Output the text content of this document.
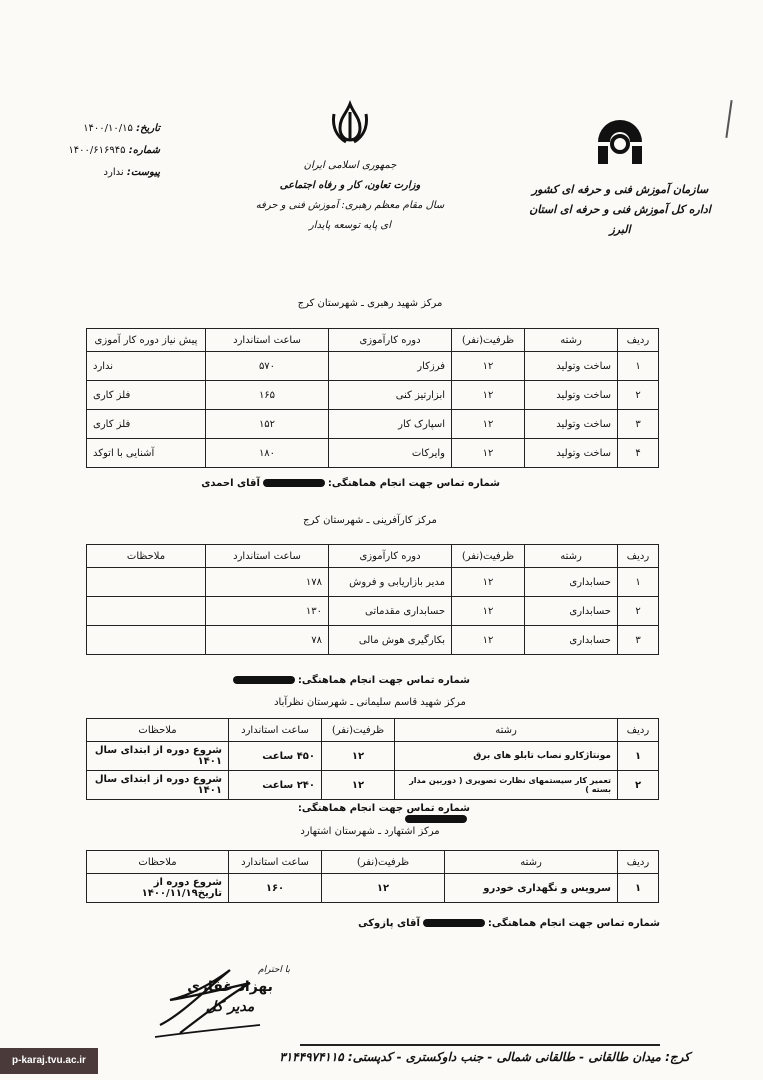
تاریخ: ۱۴۰۰/۱۰/۱۵
شماره: ۱۴۰۰/۶۱۶۹۴۵
پیوست: ندارد
جمهوری اسلامی ایران
وزارت تعاون، کار و رفاه اجتماعی
سال مقام معظم رهبری: آموزش فنی و حرفه ای پایه توسعه پایدار
سازمان آموزش فنی و حرفه ای کشور
اداره کل آموزش فنی و حرفه ای استان البرز
مرکز شهید رهبری ـ شهرستان کرج
ردیف	رشته	ظرفیت(نفر)	دوره کارآموزی	ساعت استاندارد	پیش نیاز دوره کار آموزی
۱	ساخت وتولید	۱۲	فرزکار	۵۷۰	ندارد
۲	ساخت وتولید	۱۲	ابزارتیز کنی	۱۶۵	فلز کاری
۳	ساخت وتولید	۱۲	اسپارک کار	۱۵۲	فلز کاری
۴	ساخت وتولید	۱۲	وایرکات	۱۸۰	آشنایی با اتوکد
شماره تماس جهت انجام هماهنگی:آقای احمدی
مرکز کارآفرینی ـ شهرستان کرج
ردیف	رشته	ظرفیت(نفر)	دوره کارآموزی	ساعت استاندارد	ملاحظات
۱	حسابداری	۱۲	مدیر بازاریابی و فروش	۱۷۸	
۲	حسابداری	۱۲	حسابداری مقدماتی	۱۳۰	
۳	حسابداری	۱۲	بکارگیری هوش مالی	۷۸	
شماره تماس جهت انجام هماهنگی:
مرکز شهید قاسم سلیمانی ـ شهرستان نظرآباد
ردیف	رشته	ظرفیت(نفر)	ساعت استاندارد	ملاحظات
۱	مونتاژکارو نصاب تابلو های برق	۱۲	۴۵۰ ساعت	شروع دوره از ابتدای سال ۱۴۰۱
۲	تعمیر کار سیستمهای نظارت تصویری ( دوربین مدار بسته )	۱۲	۲۴۰ ساعت	شروع دوره از ابتدای سال ۱۴۰۱
شماره تماس جهت انجام هماهنگی:
مرکز اشتهارد ـ شهرستان اشتهارد
ردیف	رشته	ظرفیت(نفر)	ساعت استاندارد	ملاحظات
۱	سرویس و نگهداری خودرو	۱۲	۱۶۰	شروع دوره از تاریخ۱۴۰۰/۱۱/۱۹
شماره تماس جهت انجام هماهنگی:آقای پازوکی
با احترام
بهزاد غفاری
مدیر کل
کرج: میدان طالقانی - طالقانی شمالی - جنب داوکستری - کدپستی: ۳۱۴۴۹۷۴۱۱۵
p-karaj.tvu.ac.ir
